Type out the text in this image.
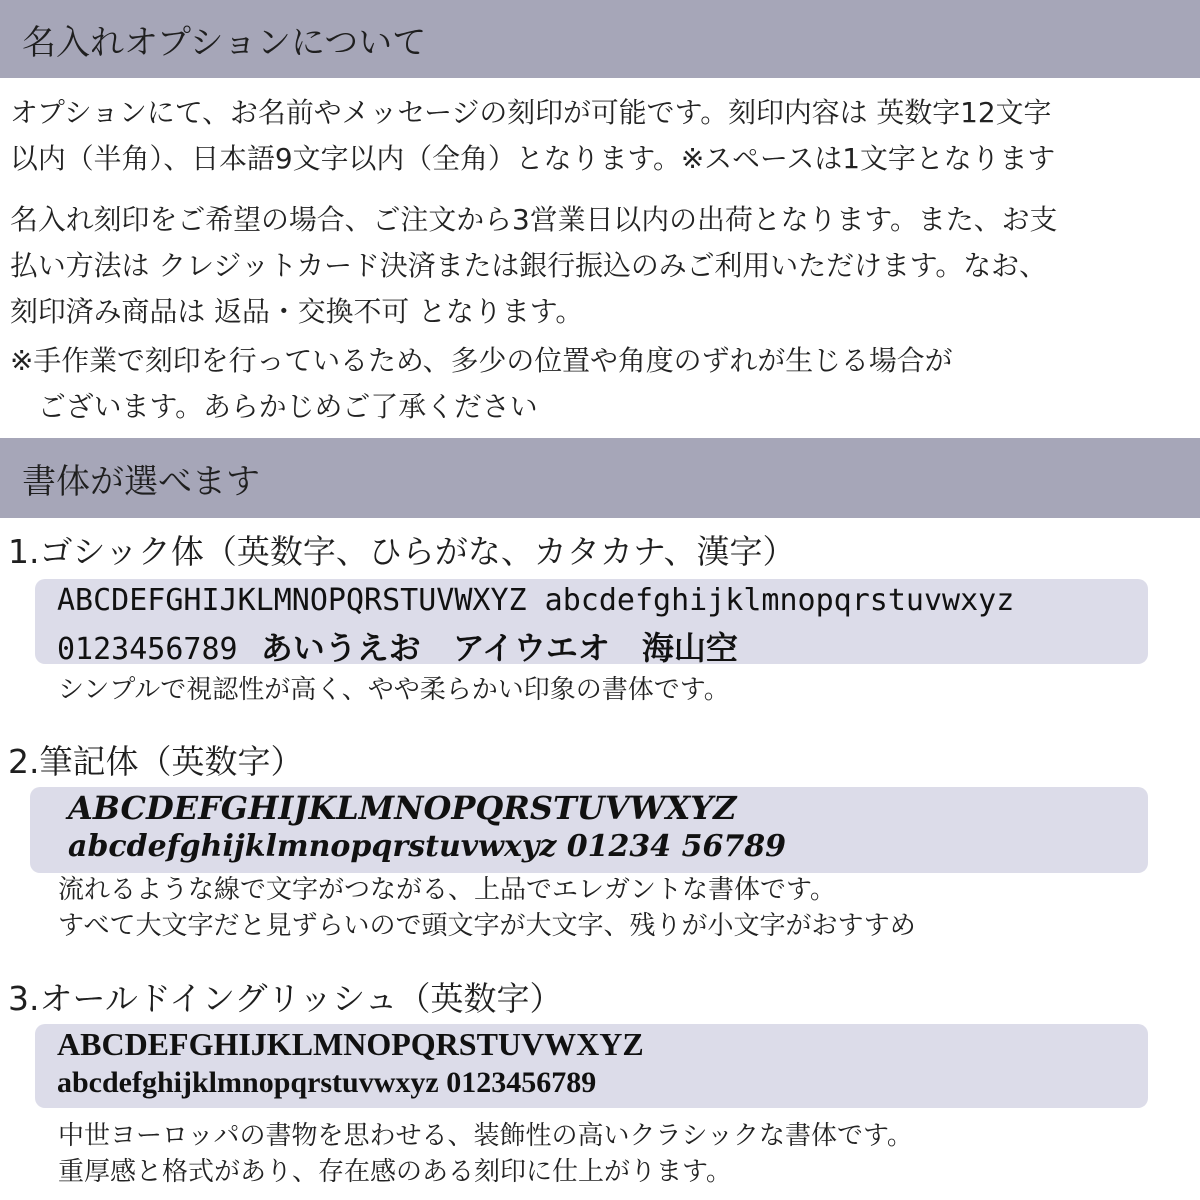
名入れオプションについて
オプションにて、お名前やメッセージの刻印が可能です。刻印内容は 英数字12文字 以内（半角）、日本語9文字以内（全角）となります。※スペースは1文字となります
名入れ刻印をご希望の場合、ご注文から3営業日以内の出荷となります。また、お支 払い方法は クレジットカード決済または銀行振込のみご利用いただけます。なお、 刻印済み商品は 返品・交換不可 となります。
※手作業で刻印を行っているため、多少の位置や角度のずれが生じる場合が ございます。あらかじめご了承ください
書体が選べます
1.ゴシック体（英数字、ひらがな、カタカナ、漢字）
ABCDEFGHIJKLMNOPQRSTUVWXYZ abcdefghijklmnopqrstuvwxyz
0123456789 あいうえお　アイウエオ　海山空
シンプルで視認性が高く、やや柔らかい印象の書体です。
2.筆記体（英数字）
ABCDEFGHIJKLMNOPQRSTUVWXYZ
abcdefghijklmnopqrstuvwxyz 01234 56789
流れるような線で文字がつながる、上品でエレガントな書体です。
すべて大文字だと見ずらいので頭文字が大文字、残りが小文字がおすすめ
3.オールドイングリッシュ（英数字）
ABCDEFGHIJKLMNOPQRSTUVWXYZ
abcdefghijklmnopqrstuvwxyz 0123456789
中世ヨーロッパの書物を思わせる、装飾性の高いクラシックな書体です。
重厚感と格式があり、存在感のある刻印に仕上がります。
